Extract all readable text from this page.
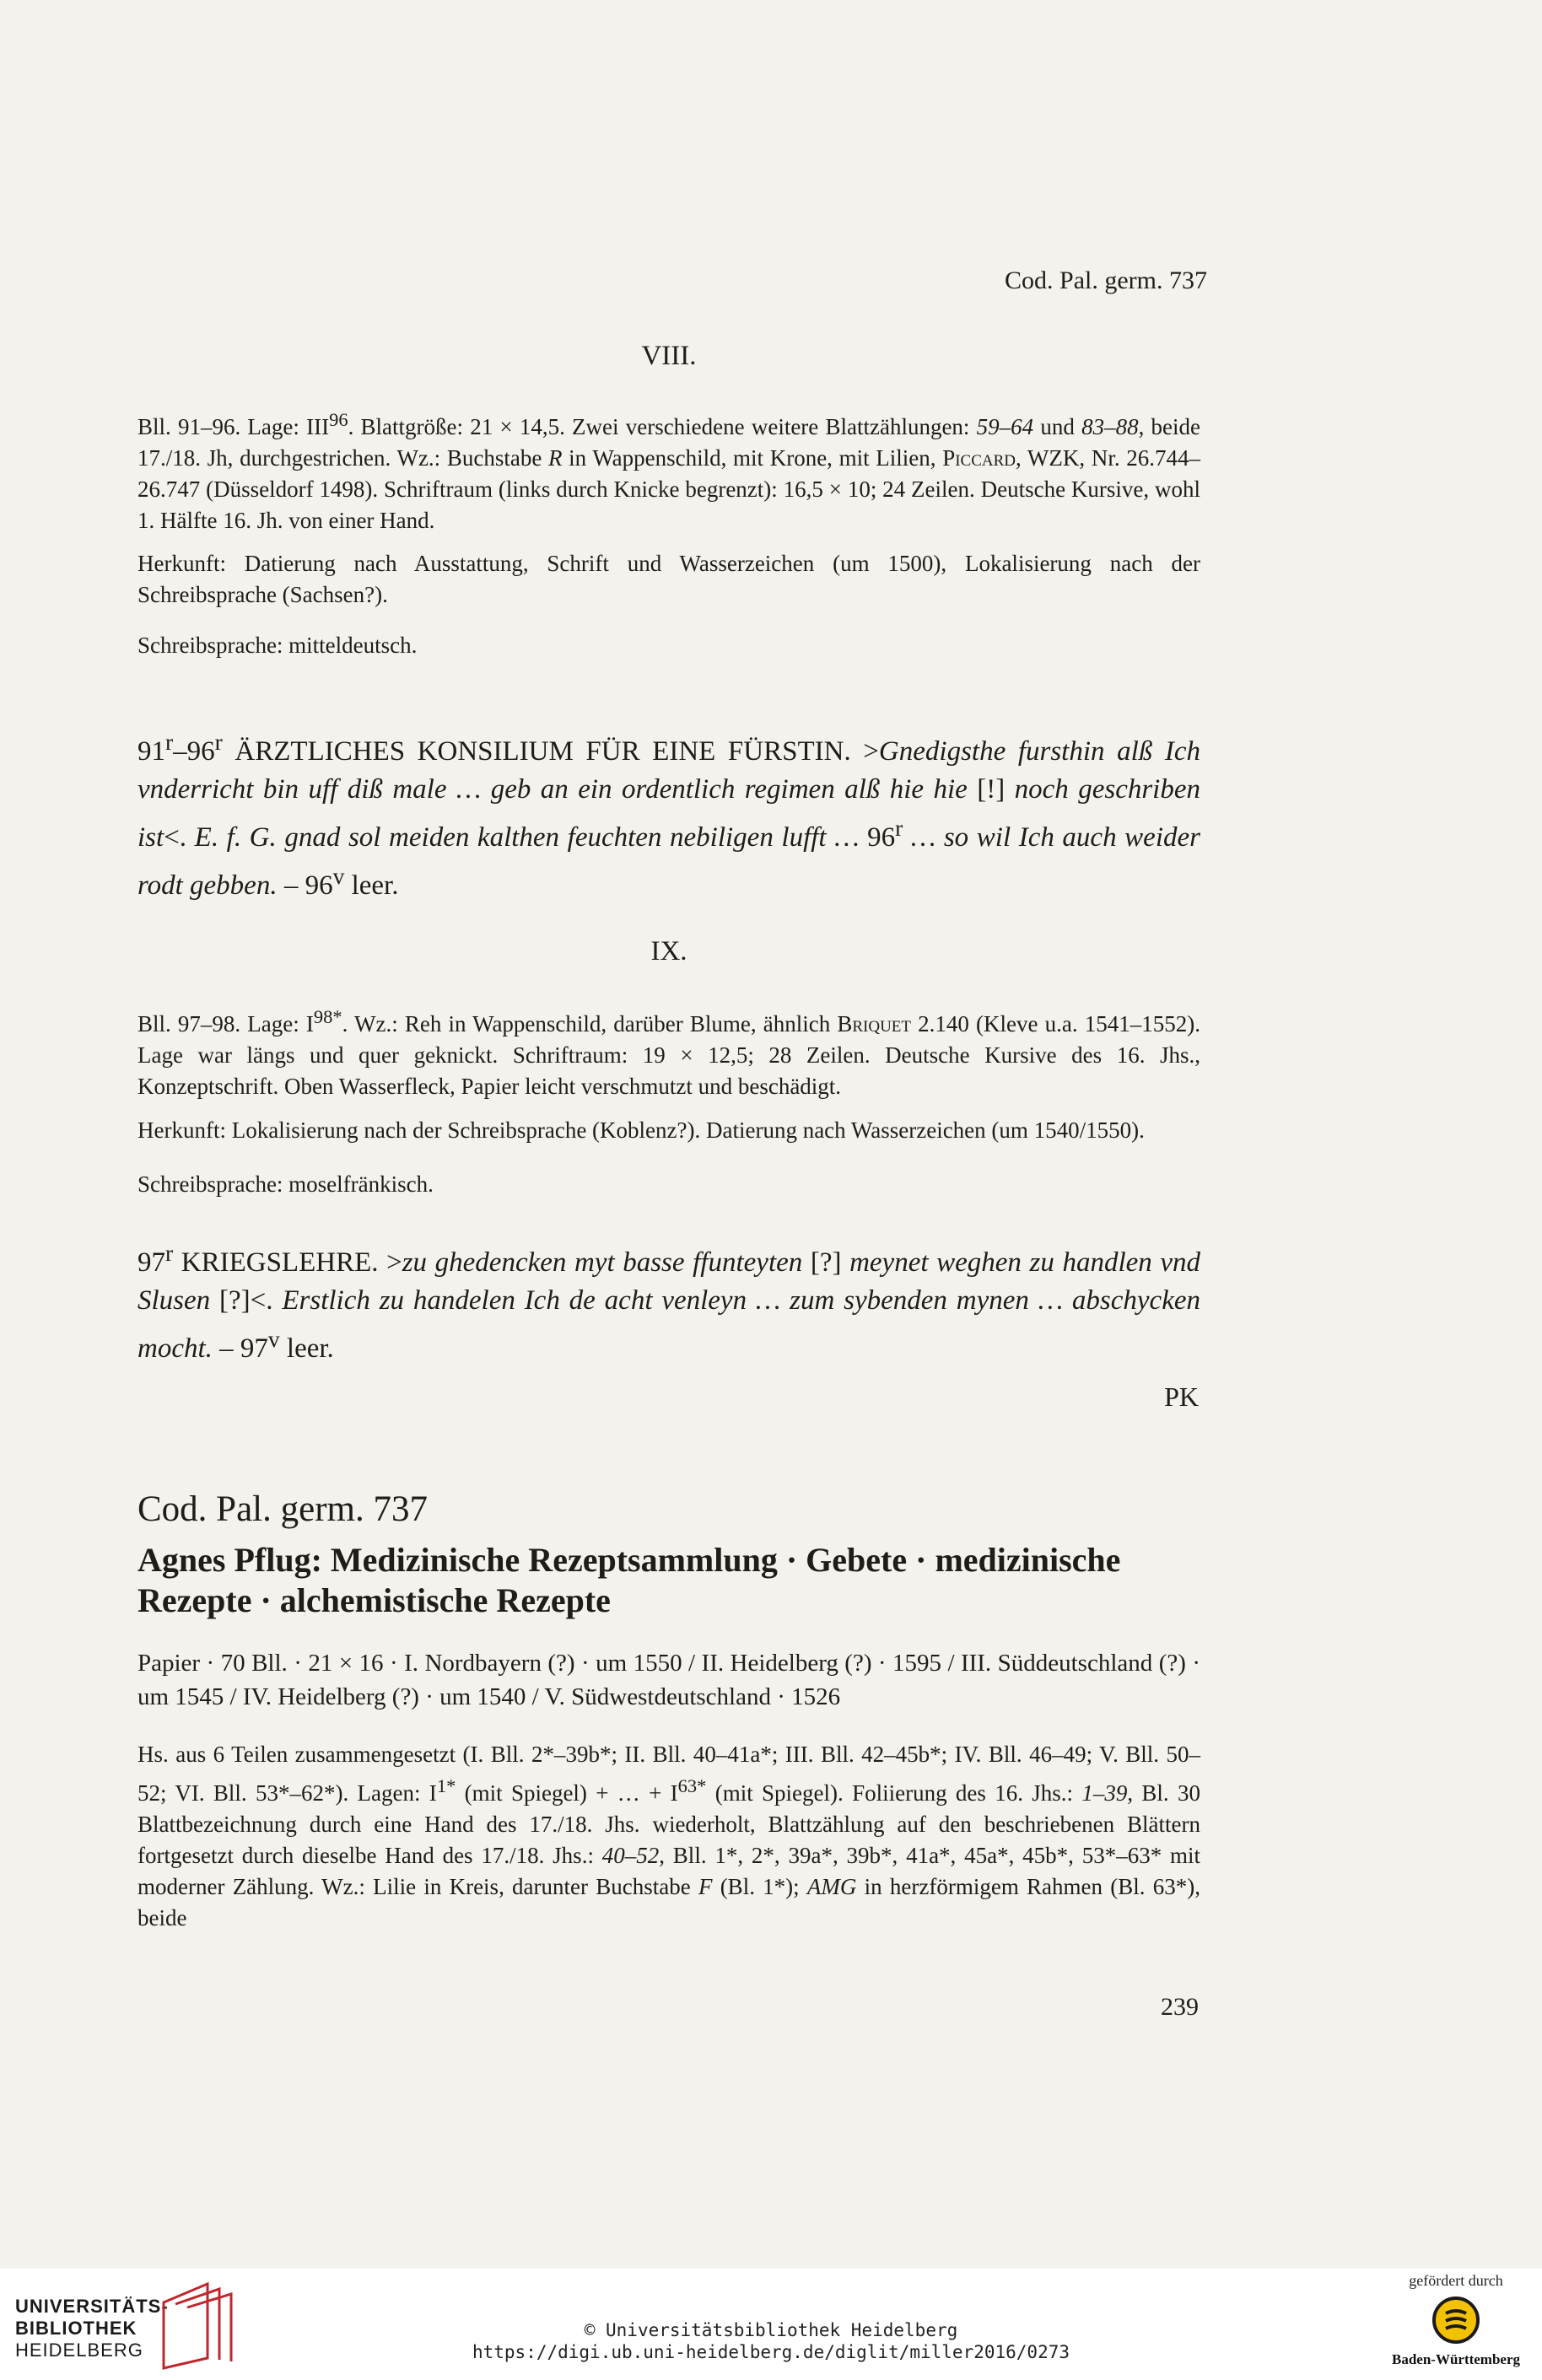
Cod. Pal. germ. 737
VIII.

Bll. 91–96. Lage: III$^{96}$. Blattgröße: 21 × 14,5. Zwei verschiedene weitere Blattzählungen: 59–64 und 83–88, beide 17./18. Jh, durchgestrichen. Wz.: Buchstabe R in Wappenschild, mit Krone, mit Lilien, Piccard, WZK, Nr. 26.744–26.747 (Düsseldorf 1498). Schriftraum (links durch Knicke begrenzt): 16,5 × 10; 24 Zeilen. Deutsche Kursive, wohl 1. Hälfte 16. Jh. von einer Hand.

Herkunft: Datierung nach Ausstattung, Schrift und Wasserzeichen (um 1500), Lokalisierung nach der Schreibsprache (Sachsen?).

Schreibsprache: mitteldeutsch.

91$^r$–96$^r$ ÄRZTLICHES KONSILIUM FÜR EINE FÜRSTIN. >Gnedigsthe fursthin alß Ich vnderricht bin uff diß male … geb an ein ordentlich regimen alß hie hie [!] noch geschriben ist<. E. f. G. gnad sol meiden kalthen feuchten nebiligen lufft … 96$^r$ … so wil Ich auch weider rodt gebben. – 96$^v$ leer.

IX.

Bll. 97–98. Lage: $I^{98*}$. Wz.: Reh in Wappenschild, darüber Blume, ähnlich Briquet 2.140 (Kleve u.a. 1541–1552). Lage war längs und quer geknickt. Schriftraum: 19 × 12,5; 28 Zeilen. Deutsche Kursive des 16. Jhs., Konzeptschrift. Oben Wasserfleck, Papier leicht verschmutzt und beschädigt.

Herkunft: Lokalisierung nach der Schreibsprache (Koblenz?). Datierung nach Wasserzeichen (um 1540/1550).

Schreibsprache: moselfränkisch.

97$^r$ KRIEGSLEHRE. >zu ghedencken myt basse ffunteyten [?] meynet weghen zu handlen vnd Slusen [?]<. Erstlich zu handelen Ich de acht venleyn … zum sybenden mynen … abschycken mocht. – 97$^v$ leer.

PK
Cod. Pal. germ. 737
Agnes Pflug: Medizinische Rezeptsammlung · Gebete · medizinische Rezepte · alchemistische Rezepte

Papier · 70 Bll. · 21 × 16 · I. Nordbayern (?) · um 1550 / II. Heidelberg (?) · 1595 / III. Süddeutschland (?) · um 1545 / IV. Heidelberg (?) · um 1540 / V. Südwestdeutschland · 1526

Hs. aus 6 Teilen zusammengesetzt (I. Bll. 2*–39b*; II. Bll. 40–41a*; III. Bll. 42–45b*; IV. Bll. 46–49; V. Bll. 50–52; VI. Bll. 53*–62*). Lagen: $I^{1*}$ (mit Spiegel) + … + $I^{63*}$ (mit Spiegel). Foliierung des 16. Jhs.: 1–39, Bl. 30 Blattbezeichnung durch eine Hand des 17./18. Jhs. wiederholt, Blattzählung auf den beschriebenen Blättern fortgesetzt durch dieselbe Hand des 17./18. Jhs.: 40–52, Bll. 1*, 2*, 39a*, 39b*, 41a*, 45a*, 45b*, 53*–63* mit moderner Zählung. Wz.: Lilie in Kreis, darunter Buchstabe F (Bl. 1*); AMG in herzförmigem Rahmen (Bl. 63*), beide

239
UNIVERSITÄTS-
BIBLIOTHEK
HEIDELBERG
© Universitätsbibliothek Heidelberg
https://digi.ub.uni-heidelberg.de/diglit/miller2016/0273
gefördert durch
Baden-Württemberg
